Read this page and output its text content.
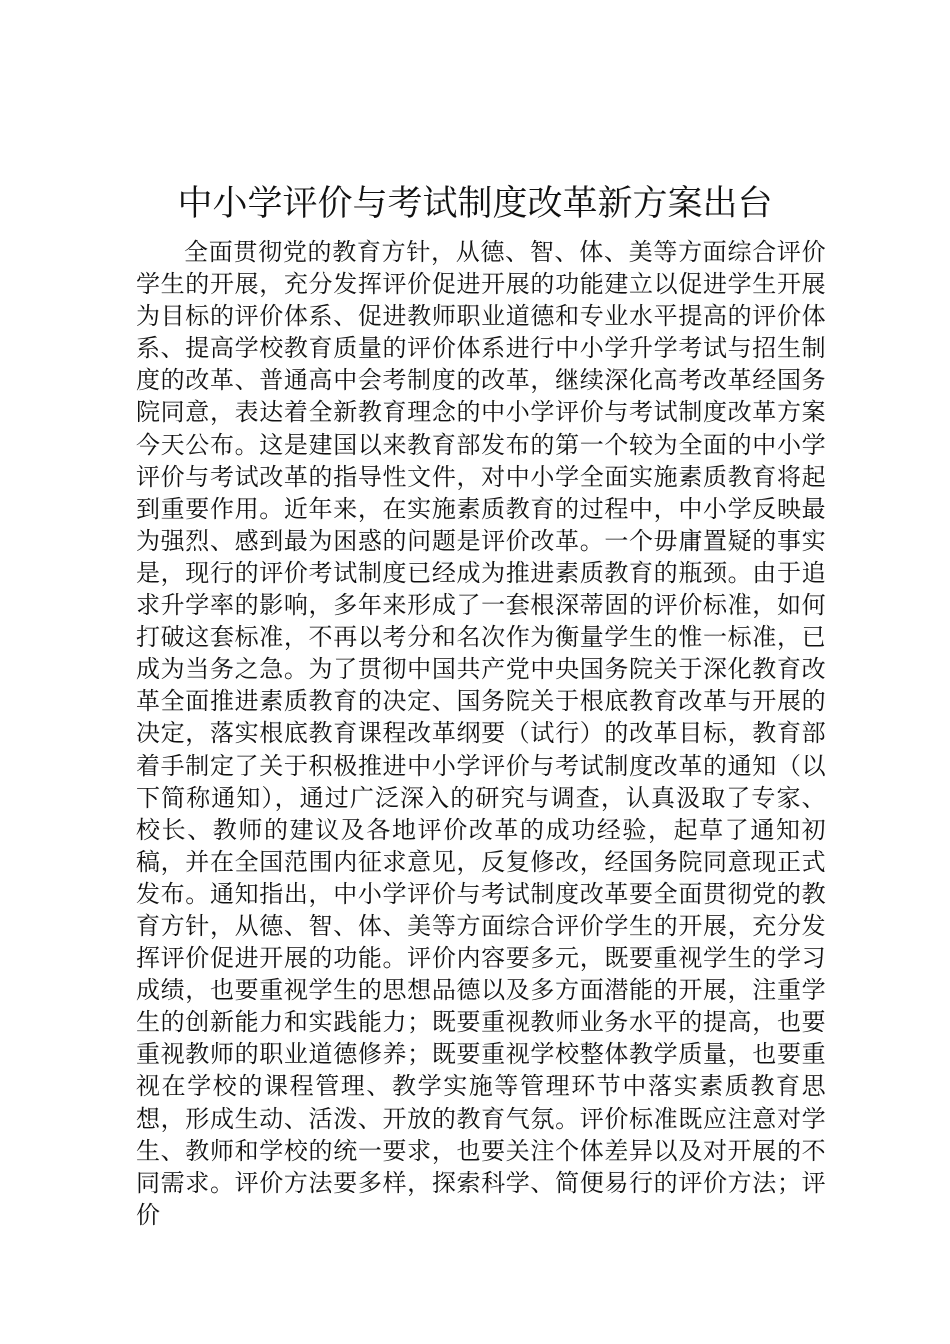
中小学评价与考试制度改革新方案出台

全面贯彻党的教育方针，从德、智、体、美等方面综合评价学生的开展，充分发挥评价促进开展的功能建立以促进学生开展为目标的评价体系、促进教师职业道德和专业水平提高的评价体系、提高学校教育质量的评价体系进行中小学升学考试与招生制度的改革、普通高中会考制度的改革，继续深化高考改革经国务院同意，表达着全新教育理念的中小学评价与考试制度改革方案今天公布。这是建国以来教育部发布的第一个较为全面的中小学评价与考试改革的指导性文件，对中小学全面实施素质教育将起到重要作用。近年来，在实施素质教育的过程中，中小学反映最为强烈、感到最为困惑的问题是评价改革。一个毋庸置疑的事实是，现行的评价考试制度已经成为推进素质教育的瓶颈。由于追求升学率的影响，多年来形成了一套根深蒂固的评价标准，如何打破这套标准，不再以考分和名次作为衡量学生的惟一标准，已成为当务之急。为了贯彻中国共产党中央国务院关于深化教育改革全面推进素质教育的决定、国务院关于根底教育改革与开展的决定，落实根底教育课程改革纲要（试行）的改革目标，教育部着手制定了关于积极推进中小学评价与考试制度改革的通知（以下简称通知），通过广泛深入的研究与调查，认真汲取了专家、校长、教师的建议及各地评价改革的成功经验，起草了通知初稿，并在全国范围内征求意见，反复修改，经国务院同意现正式发布。通知指出，中小学评价与考试制度改革要全面贯彻党的教育方针，从德、智、体、美等方面综合评价学生的开展，充分发挥评价促进开展的功能。评价内容要多元，既要重视学生的学习成绩，也要重视学生的思想品德以及多方面潜能的开展，注重学生的创新能力和实践能力；既要重视教师业务水平的提高，也要重视教师的职业道德修养；既要重视学校整体教学质量，也要重视在学校的课程管理、教学实施等管理环节中落实素质教育思想，形成生动、活泼、开放的教育气氛。评价标准既应注意对学生、教师和学校的统一要求，也要关注个体差异以及对开展的不同需求。评价方法要多样，探索科学、简便易行的评价方法；评价
